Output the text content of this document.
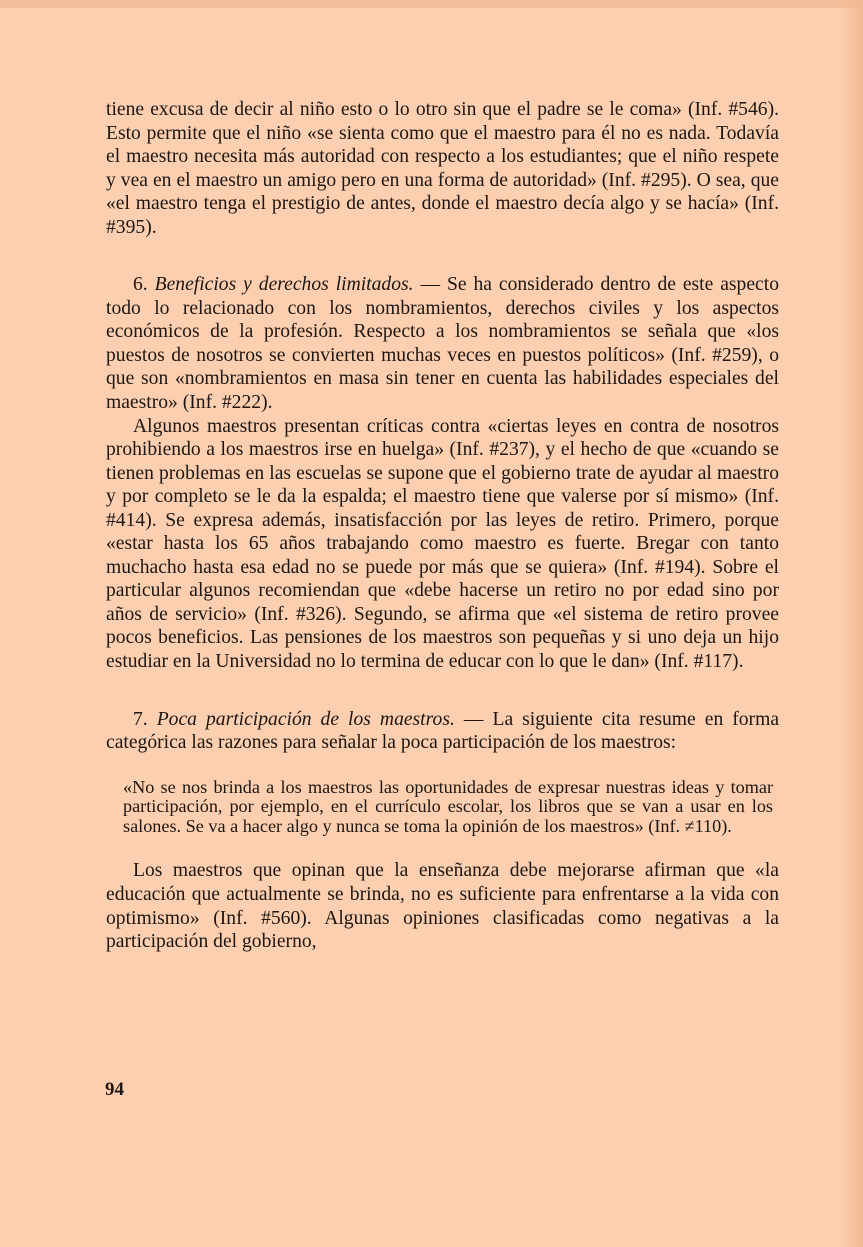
tiene excusa de decir al niño esto o lo otro sin que el padre se le coma» (Inf. #546). Esto permite que el niño «se sienta como que el maestro para él no es nada. Todavía el maestro necesita más autoridad con respecto a los estudiantes; que el niño respete y vea en el maestro un amigo pero en una forma de autoridad» (Inf. #295). O sea, que «el maestro tenga el prestigio de antes, donde el maestro decía algo y se hacía» (Inf. #395).

6. Beneficios y derechos limitados. — Se ha considerado dentro de este aspecto todo lo relacionado con los nombramientos, derechos civiles y los aspectos económicos de la profesión. Respecto a los nombramientos se señala que «los puestos de nosotros se convierten muchas veces en puestos políticos» (Inf. #259), o que son «nombramientos en masa sin tener en cuenta las habilidades especiales del maestro» (Inf. #222).

Algunos maestros presentan críticas contra «ciertas leyes en contra de nosotros prohibiendo a los maestros irse en huelga» (Inf. #237), y el hecho de que «cuando se tienen problemas en las escuelas se supone que el gobierno trate de ayudar al maestro y por completo se le da la espalda; el maestro tiene que valerse por sí mismo» (Inf. #414). Se expresa además, insatisfacción por las leyes de retiro. Primero, porque «estar hasta los 65 años trabajando como maestro es fuerte. Bregar con tanto muchacho hasta esa edad no se puede por más que se quiera» (Inf. #194). Sobre el particular algunos recomiendan que «debe hacerse un retiro no por edad sino por años de servicio» (Inf. #326). Segundo, se afirma que «el sistema de retiro provee pocos beneficios. Las pensiones de los maestros son pequeñas y si uno deja un hijo estudiar en la Universidad no lo termina de educar con lo que le dan» (Inf. #117).

7. Poca participación de los maestros. — La siguiente cita resume en forma categórica las razones para señalar la poca participación de los maestros:

«No se nos brinda a los maestros las oportunidades de expresar nuestras ideas y tomar participación, por ejemplo, en el currículo escolar, los libros que se van a usar en los salones. Se va a hacer algo y nunca se toma la opinión de los maestros» (Inf. ≠110).

Los maestros que opinan que la enseñanza debe mejorarse afirman que «la educación que actualmente se brinda, no es suficiente para enfrentarse a la vida con optimismo» (Inf. #560). Algunas opiniones clasificadas como negativas a la participación del gobierno,

94
